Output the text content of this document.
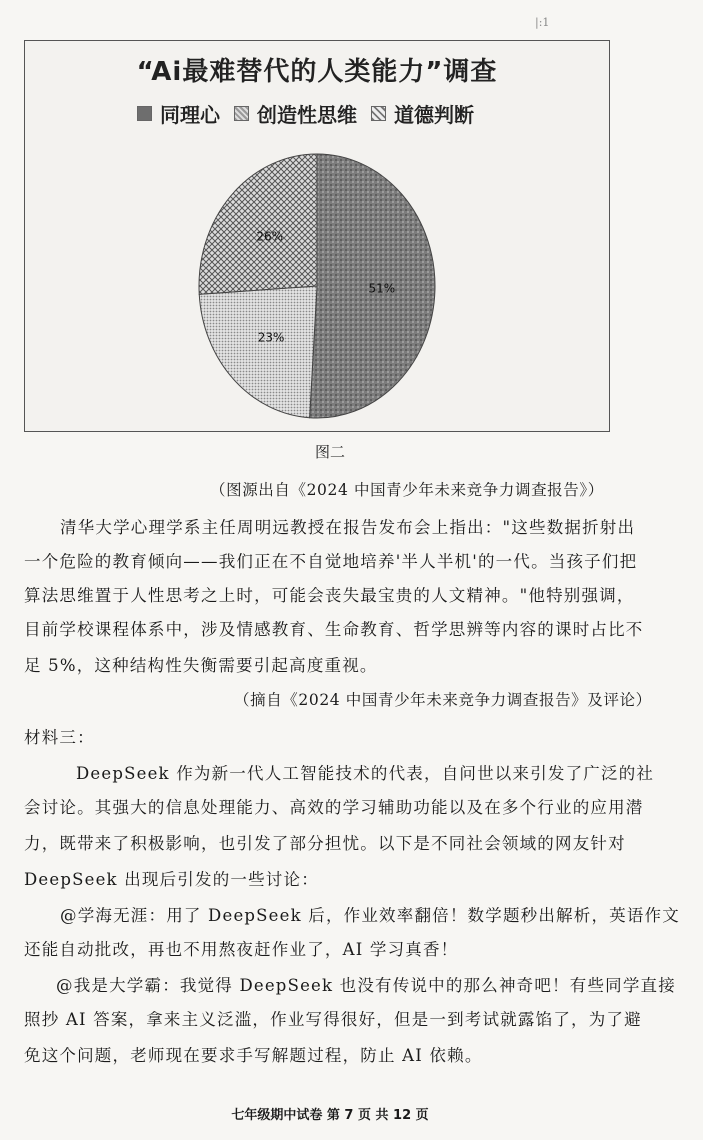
|:1
“Ai最难替代的人类能力”调查
同理心 创造性思维 道德判断
51%
23%
26%
图二
（图源出自《2024 中国青少年未来竞争力调查报告》）
清华大学心理学系主任周明远教授在报告发布会上指出："这些数据折射出
一个危险的教育倾向——我们正在不自觉地培养'半人半机'的一代。当孩子们把
算法思维置于人性思考之上时，可能会丧失最宝贵的人文精神。"他特别强调，
目前学校课程体系中，涉及情感教育、生命教育、哲学思辨等内容的课时占比不
足 5%，这种结构性失衡需要引起高度重视。
（摘自《2024 中国青少年未来竞争力调查报告》及评论）
材料三：
DeepSeek 作为新一代人工智能技术的代表，自问世以来引发了广泛的社
会讨论。其强大的信息处理能力、高效的学习辅助功能以及在多个行业的应用潜
力，既带来了积极影响，也引发了部分担忧。以下是不同社会领域的网友针对
DeepSeek 出现后引发的一些讨论：
@学海无涯：用了 DeepSeek 后，作业效率翻倍！数学题秒出解析，英语作文
还能自动批改，再也不用熬夜赶作业了，AI 学习真香！
@我是大学霸：我觉得 DeepSeek 也没有传说中的那么神奇吧！有些同学直接
照抄 AI 答案，拿来主义泛滥，作业写得很好，但是一到考试就露馅了，为了避
免这个问题，老师现在要求手写解题过程，防止 AI 依赖。
七年级期中试卷 第 7 页 共 12 页
